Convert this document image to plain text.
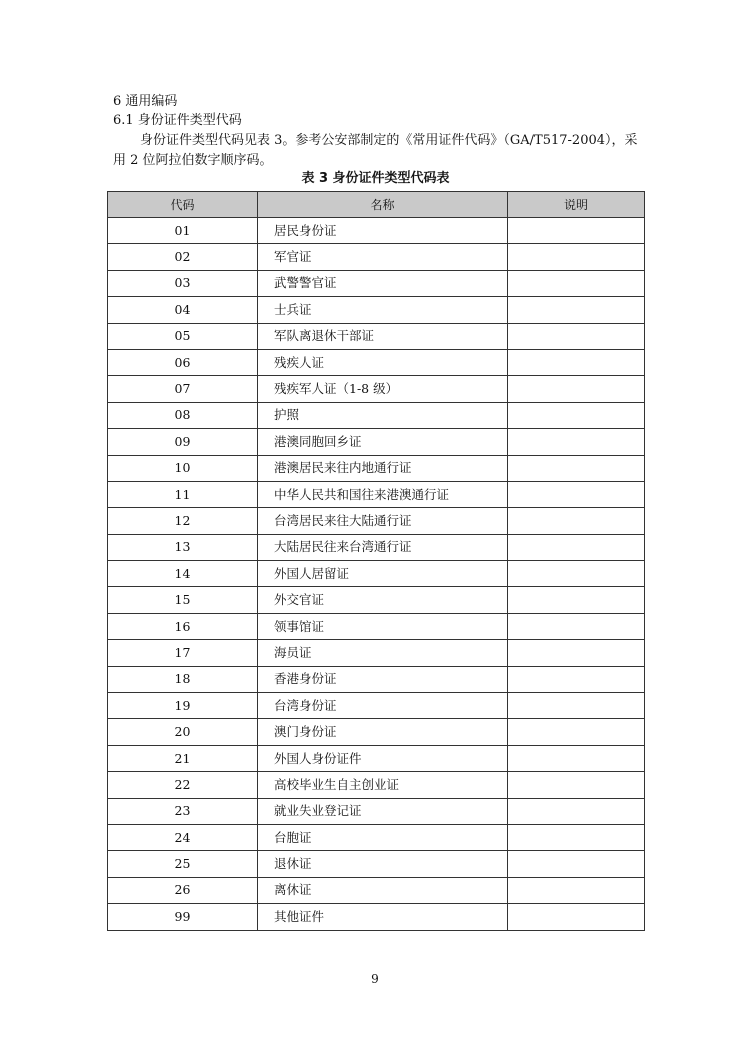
6 通用编码
6.1 身份证件类型代码
身份证件类型代码见表 3。参考公安部制定的《常用证件代码》（GA/T517-2004），采
用 2 位阿拉伯数字顺序码。
表 3 身份证件类型代码表
代码	名称	说明
01	居民身份证	
02	军官证	
03	武警警官证	
04	士兵证	
05	军队离退休干部证	
06	残疾人证	
07	残疾军人证（1-8 级）	
08	护照	
09	港澳同胞回乡证	
10	港澳居民来往内地通行证	
11	中华人民共和国往来港澳通行证	
12	台湾居民来往大陆通行证	
13	大陆居民往来台湾通行证	
14	外国人居留证	
15	外交官证	
16	领事馆证	
17	海员证	
18	香港身份证	
19	台湾身份证	
20	澳门身份证	
21	外国人身份证件	
22	高校毕业生自主创业证	
23	就业失业登记证	
24	台胞证	
25	退休证	
26	离休证	
99	其他证件	
9
